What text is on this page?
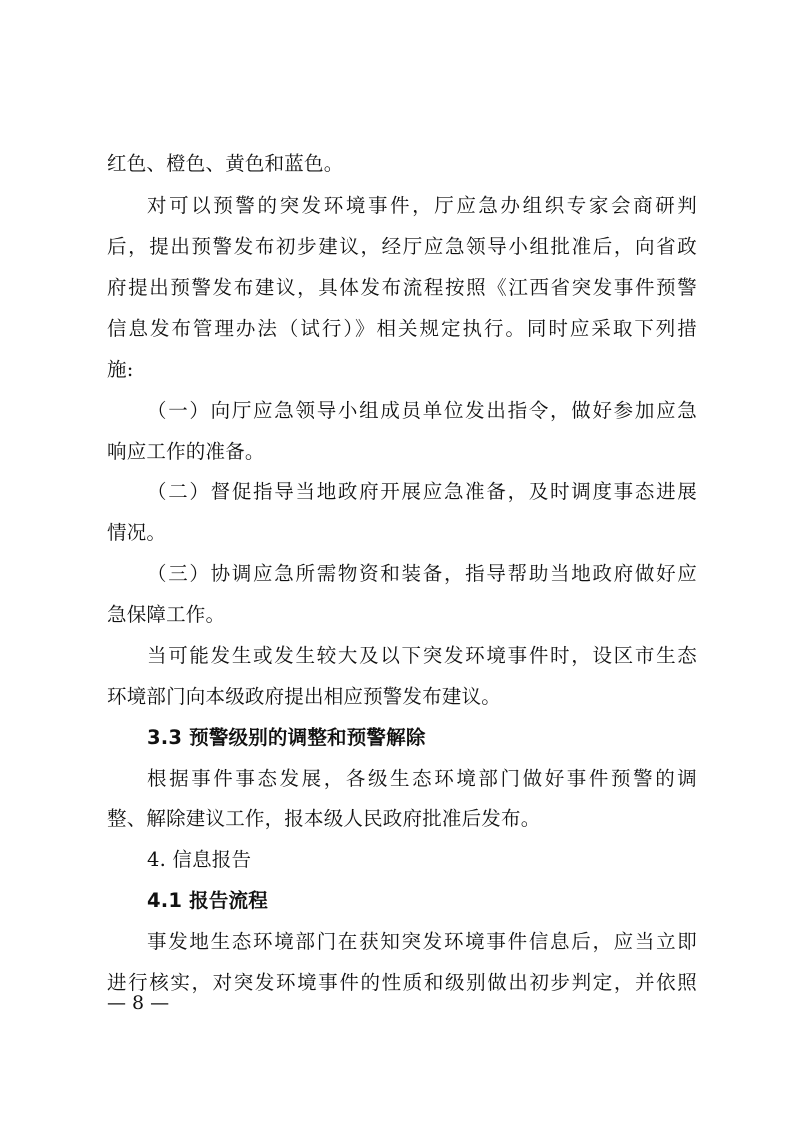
红色、橙色、黄色和蓝色。
对可以预警的突发环境事件，厅应急办组织专家会商研判
后，提出预警发布初步建议，经厅应急领导小组批准后，向省政
府提出预警发布建议，具体发布流程按照《江西省突发事件预警
信息发布管理办法（试行）》相关规定执行。同时应采取下列措
施:
（一）向厅应急领导小组成员单位发出指令，做好参加应急
响应工作的准备。
（二）督促指导当地政府开展应急准备，及时调度事态进展
情况。
（三）协调应急所需物资和装备，指导帮助当地政府做好应
急保障工作。
当可能发生或发生较大及以下突发环境事件时，设区市生态
环境部门向本级政府提出相应预警发布建议。
3.3 预警级别的调整和预警解除
根据事件事态发展，各级生态环境部门做好事件预警的调
整、解除建议工作，报本级人民政府批准后发布。
4. 信息报告
4.1 报告流程
事发地生态环境部门在获知突发环境事件信息后，应当立即
进行核实，对突发环境事件的性质和级别做出初步判定，并依照
— 8 —
